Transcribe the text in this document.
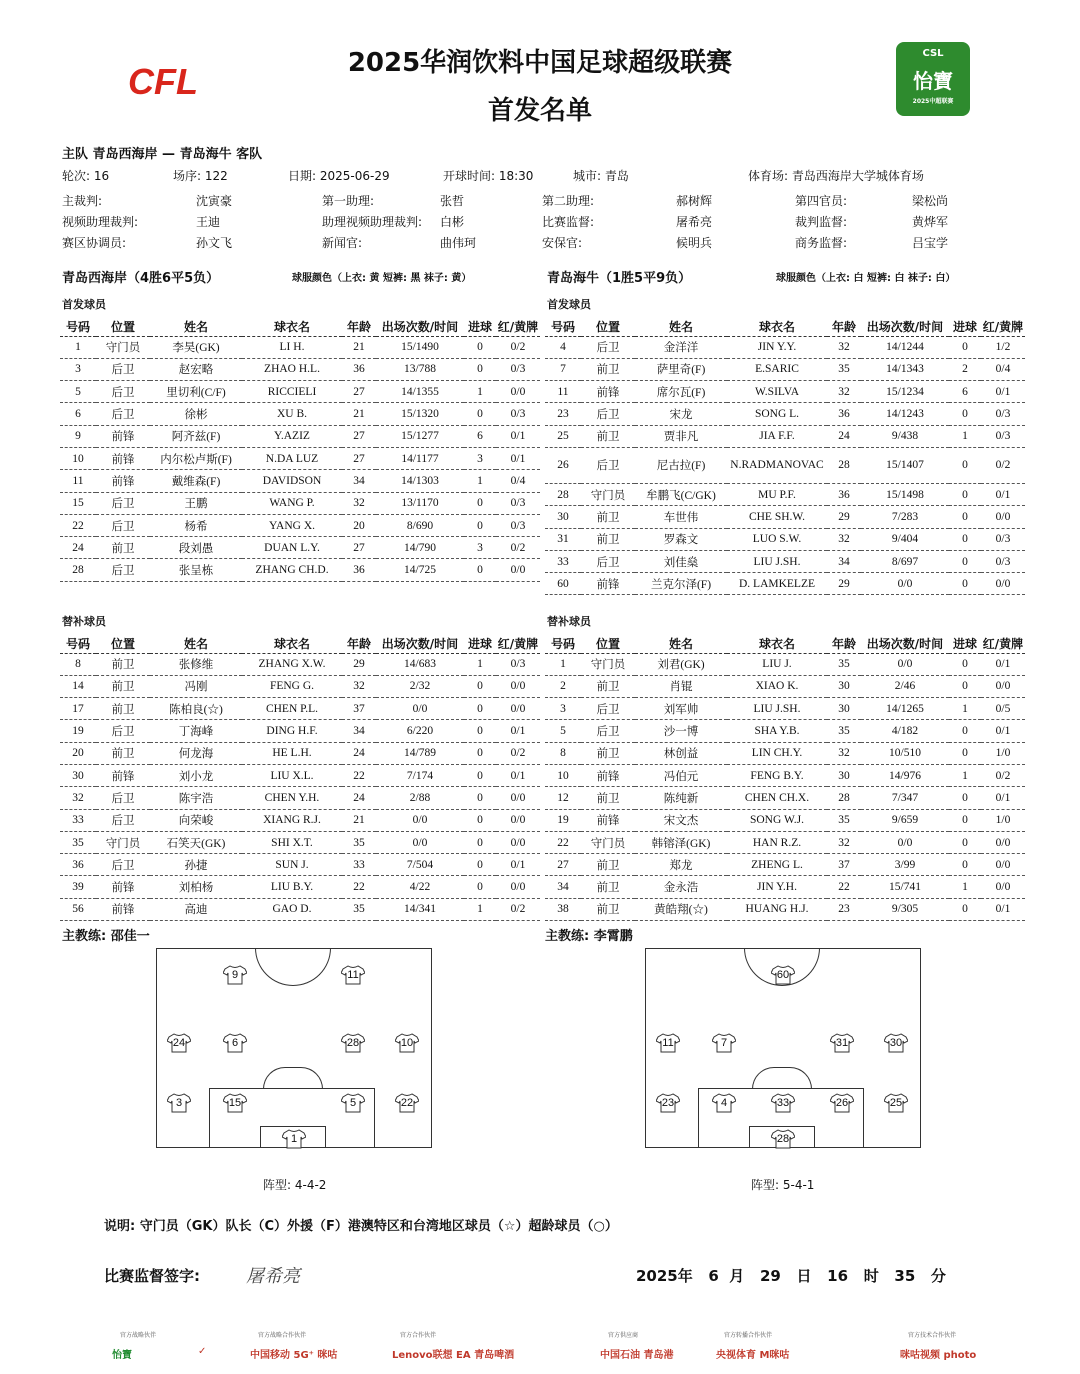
CFL	2025华润饮料中国足球超级联赛
首发名单
CSL
怡寶
2025中超联赛
主队 青岛西海岸 — 青岛海牛 客队
轮次: 16	场序: 122	日期: 2025-06-29	开球时间: 18:30	城市: 青岛	体育场: 青岛西海岸大学城体育场
主裁判:	沈寅豪	第一助理:	张哲	第二助理:	郝树辉	第四官员:	梁松尚
视频助理裁判:	王迪	助理视频助理裁判: 白彬	比赛监督:	屠希亮	裁判监督:	黄烨军
赛区协调员:	孙文飞	新闻官:	曲伟珂	安保官:	候明兵	商务监督:	吕宝学
青岛西海岸（4胜6平5负）	球服颜色（上衣: 黄 短裤: 黑 袜子: 黄）	青岛海牛（1胜5平9负）	球服颜色（上衣: 白 短裤: 白 袜子: 白）
首发球员	首发球员
号码	位置	姓名	球衣名	年龄	出场次数/时间	进球	红/黄牌
1	守门员	李昊(GK)	LI H.	21	15/1490	0	0/2
3	后卫	赵宏略	ZHAO H.L.	36	13/788	0	0/3
5	后卫	里切利(C/F)	RICCIELI	27	14/1355	1	0/0
6	后卫	徐彬	XU B.	21	15/1320	0	0/3
9	前锋	阿齐兹(F)	Y.AZIZ	27	15/1277	6	0/1
10	前锋	内尔松卢斯(F)	N.DA LUZ	27	14/1177	3	0/1
11	前锋	戴维森(F)	DAVIDSON	34	14/1303	1	0/4
15	后卫	王鹏	WANG P.	32	13/1170	0	0/3
22	后卫	杨希	YANG X.	20	8/690	0	0/3
24	前卫	段刘愚	DUAN L.Y.	27	14/790	3	0/2
28	后卫	张呈栋	ZHANG CH.D.	36	14/725	0	0/0
号码	位置	姓名	球衣名	年龄	出场次数/时间	进球	红/黄牌
4	后卫	金洋洋	JIN Y.Y.	32	14/1244	0	1/2
7	前卫	萨里奇(F)	E.SARIC	35	14/1343	2	0/4
11	前锋	席尔瓦(F)	W.SILVA	32	15/1234	6	0/1
23	后卫	宋龙	SONG L.	36	14/1243	0	0/3
25	前卫	贾非凡	JIA F.F.	24	9/438	1	0/3
26	后卫	尼古拉(F)	N.RADMANOVAC	28	15/1407	0	0/2
28	守门员	牟鹏飞(C/GK)	MU P.F.	36	15/1498	0	0/1
30	前卫	车世伟	CHE SH.W.	29	7/283	0	0/0
31	前卫	罗森文	LUO S.W.	32	9/404	0	0/3
33	后卫	刘佳燊	LIU J.SH.	34	8/697	0	0/3
60	前锋	兰克尔泽(F)	D. LAMKELZE	29	0/0	0	0/0
替补球员	替补球员
号码	位置	姓名	球衣名	年龄	出场次数/时间	进球	红/黄牌
8	前卫	张修维	ZHANG X.W.	29	14/683	1	0/3
14	前卫	冯刚	FENG G.	32	2/32	0	0/0
17	前卫	陈柏良(☆)	CHEN P.L.	37	0/0	0	0/0
19	后卫	丁海峰	DING H.F.	34	6/220	0	0/1
20	前卫	何龙海	HE L.H.	24	14/789	0	0/2
30	前锋	刘小龙	LIU X.L.	22	7/174	0	0/1
32	后卫	陈宇浩	CHEN Y.H.	24	2/88	0	0/0
33	后卫	向荣峻	XIANG R.J.	21	0/0	0	0/0
35	守门员	石笑天(GK)	SHI X.T.	35	0/0	0	0/0
36	后卫	孙捷	SUN J.	33	7/504	0	0/1
39	前锋	刘柏杨	LIU B.Y.	22	4/22	0	0/0
56	前锋	高迪	GAO D.	35	14/341	1	0/2
号码	位置	姓名	球衣名	年龄	出场次数/时间	进球	红/黄牌
1	守门员	刘君(GK)	LIU J.	35	0/0	0	0/1
2	前卫	肖锟	XIAO K.	30	2/46	0	0/0
3	后卫	刘军帅	LIU J.SH.	30	14/1265	1	0/5
5	后卫	沙一博	SHA Y.B.	35	4/182	0	0/1
8	前卫	林创益	LIN CH.Y.	32	10/510	0	1/0
10	前锋	冯伯元	FENG B.Y.	30	14/976	1	0/2
12	前卫	陈纯新	CHEN CH.X.	28	7/347	0	0/1
19	前锋	宋文杰	SONG W.J.	35	9/659	0	1/0
22	守门员	韩镕泽(GK)	HAN R.Z.	32	0/0	0	0/0
27	前卫	郑龙	ZHENG L.	37	3/99	0	0/0
34	前卫	金永浩	JIN Y.H.	22	15/741	1	0/0
38	前卫	黄皓翔(☆)	HUANG H.J.	23	9/305	0	0/1
主教练: 邵佳一	主教练: 李霄鹏
9	11
24	6	28	10
3	15	5	22
1
60
11	7	31	30
23	4	33	26	25
28
阵型: 4-4-2	阵型: 5-4-1
说明: 守门员（GK）队长（C）外援（F）港澳特区和台湾地区球员（☆）超龄球员（○）
比赛监督签字:	屠希亮	2025年   6  月   29   日   16   时   35   分
官方战略伙伴
怡寶	✓
官方战略合作伙伴
中国移动 5G⁺ 咪咕
官方合作伙伴
Lenovo联想 EA 青岛啤酒
官方供应商
中国石油 青岛港
官方转播合作伙伴
央视体育 M咪咕
官方技术合作伙伴
咪咕视频 photo
